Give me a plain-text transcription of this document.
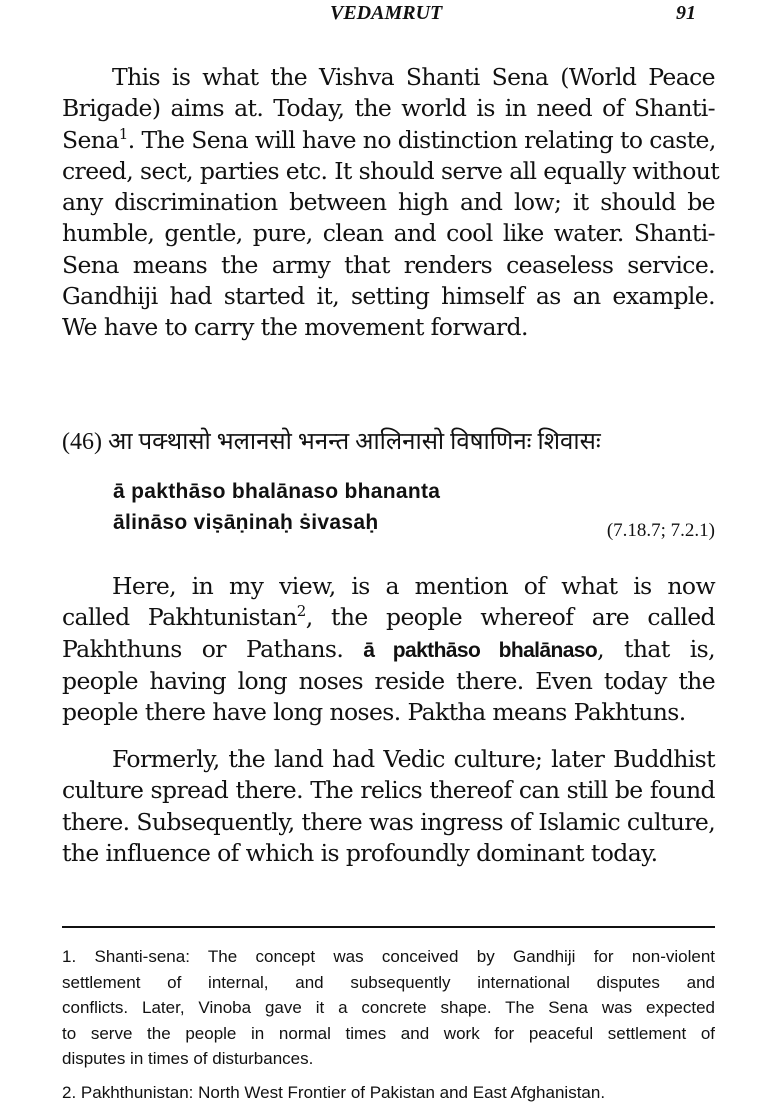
VEDAMRUT	91
This is what the Vishva Shanti Sena (World Peace
Brigade) aims at. Today, the world is in need of Shanti-
Sena$^1$. The Sena will have no distinction relating to caste,
creed, sect, parties etc. It should serve all equally without
any discrimination between high and low; it should be
humble, gentle, pure, clean and cool like water. Shanti-
Sena means the army that renders ceaseless service.
Gandhiji had started it, setting himself as an example.
We have to carry the movement forward.
(46) आ पक्थासो भलानसो भनन्त आलिनासो विषाणिनः शिवासः
ā pakthāso bhalānaso bhananta
ālināso viṣāṇinaḥ ṡivasaḥ	(7.18.7; 7.2.1)
Here, in my view, is a mention of what is now
called Pakhtunistan$^2$, the people whereof are called
Pakhthuns or Pathans. ā pakthāso bhalānaso, that is,
people having long noses reside there. Even today the
people there have long noses. Paktha means Pakhtuns.
Formerly, the land had Vedic culture; later Buddhist
culture spread there. The relics thereof can still be found
there. Subsequently, there was ingress of Islamic culture,
the influence of which is profoundly dominant today.
1. Shanti-sena: The concept was conceived by Gandhiji for non-violent
settlement of internal, and subsequently international disputes and
conflicts. Later, Vinoba gave it a concrete shape. The Sena was expected
to serve the people in normal times and work for peaceful settlement of
disputes in times of disturbances.
2. Pakhthunistan: North West Frontier of Pakistan and East Afghanistan.
